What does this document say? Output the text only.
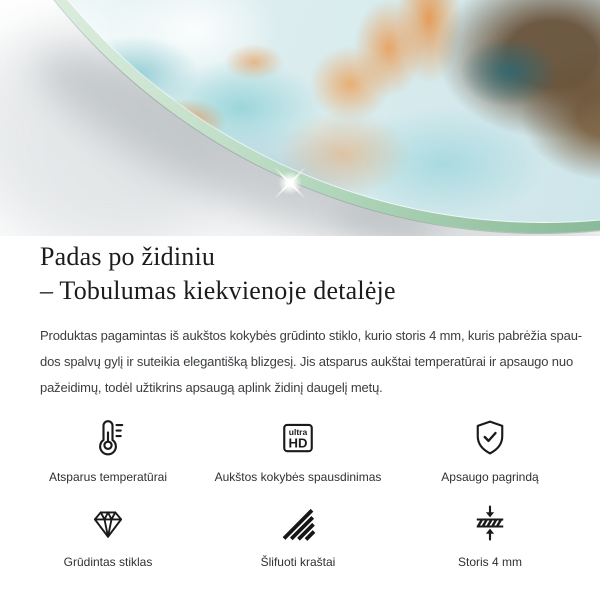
Padas po židiniu
– Tobulumas kiekvienoje detalėje
Produktas pagamintas iš aukštos kokybės grūdinto stiklo, kurio storis 4 mm, kuris pabrėžia spau-
dos spalvų gylį ir suteikia elegantišką blizgesį. Jis atsparus aukštai temperatūrai ir apsaugo nuo
pažeidimų, todėl užtikrins apsaugą aplink židinį daugelį metų.
Atsparus temperatūrai
ultra
HD
Aukštos kokybės spausdinimas	Apsaugo pagrindą
Grūdintas stiklas	Šlifuoti kraštai	Storis 4 mm
